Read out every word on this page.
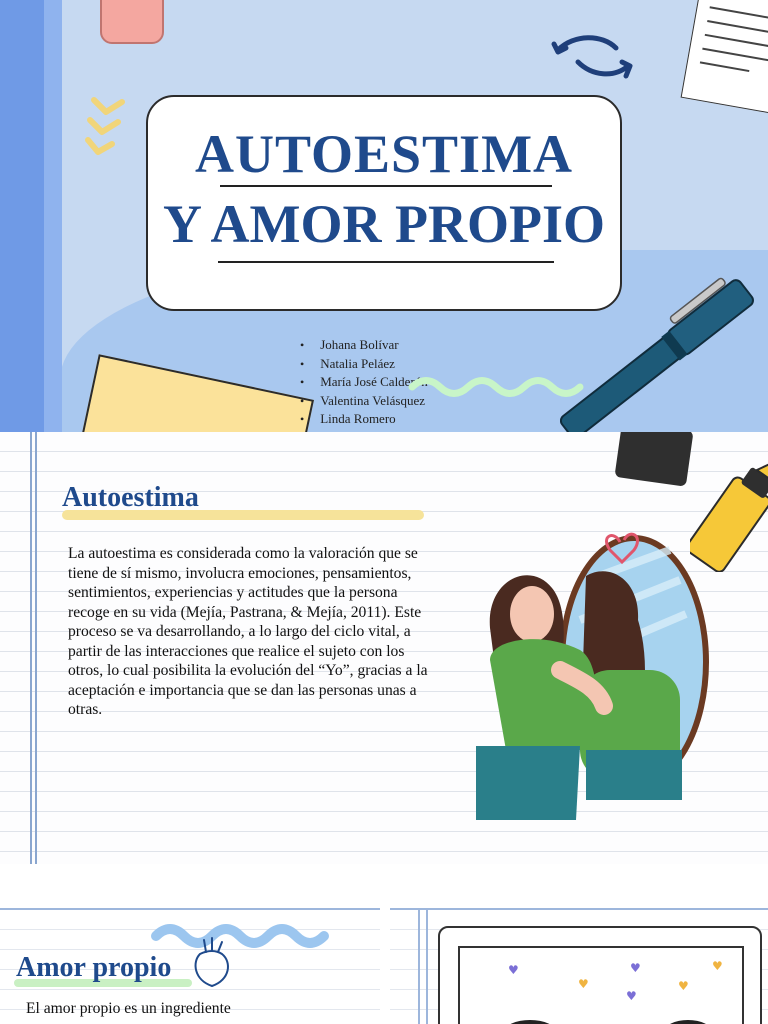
AUTOESTIMA
Y AMOR PROPIO
• Johana Bolívar
• Natalia Peláez
• María José Calderón
• Valentina Velásquez
• Linda Romero
Autoestima

La autoestima es considerada como la valoración que se tiene de sí mismo, involucra emociones, pensamientos, sentimientos, experiencias y actitudes que la persona recoge en su vida (Mejía, Pastrana, & Mejía, 2011). Este proceso se va desarrollando, a lo largo del ciclo vital, a partir de las interacciones que realice el sujeto con los otros, lo cual posibilita la evolución del “Yo”, gracias a la aceptación e importancia que se dan las personas unas a otras.

Amor propio

El amor propio es un ingrediente

♥
♥
♥
♥
♥
♥
